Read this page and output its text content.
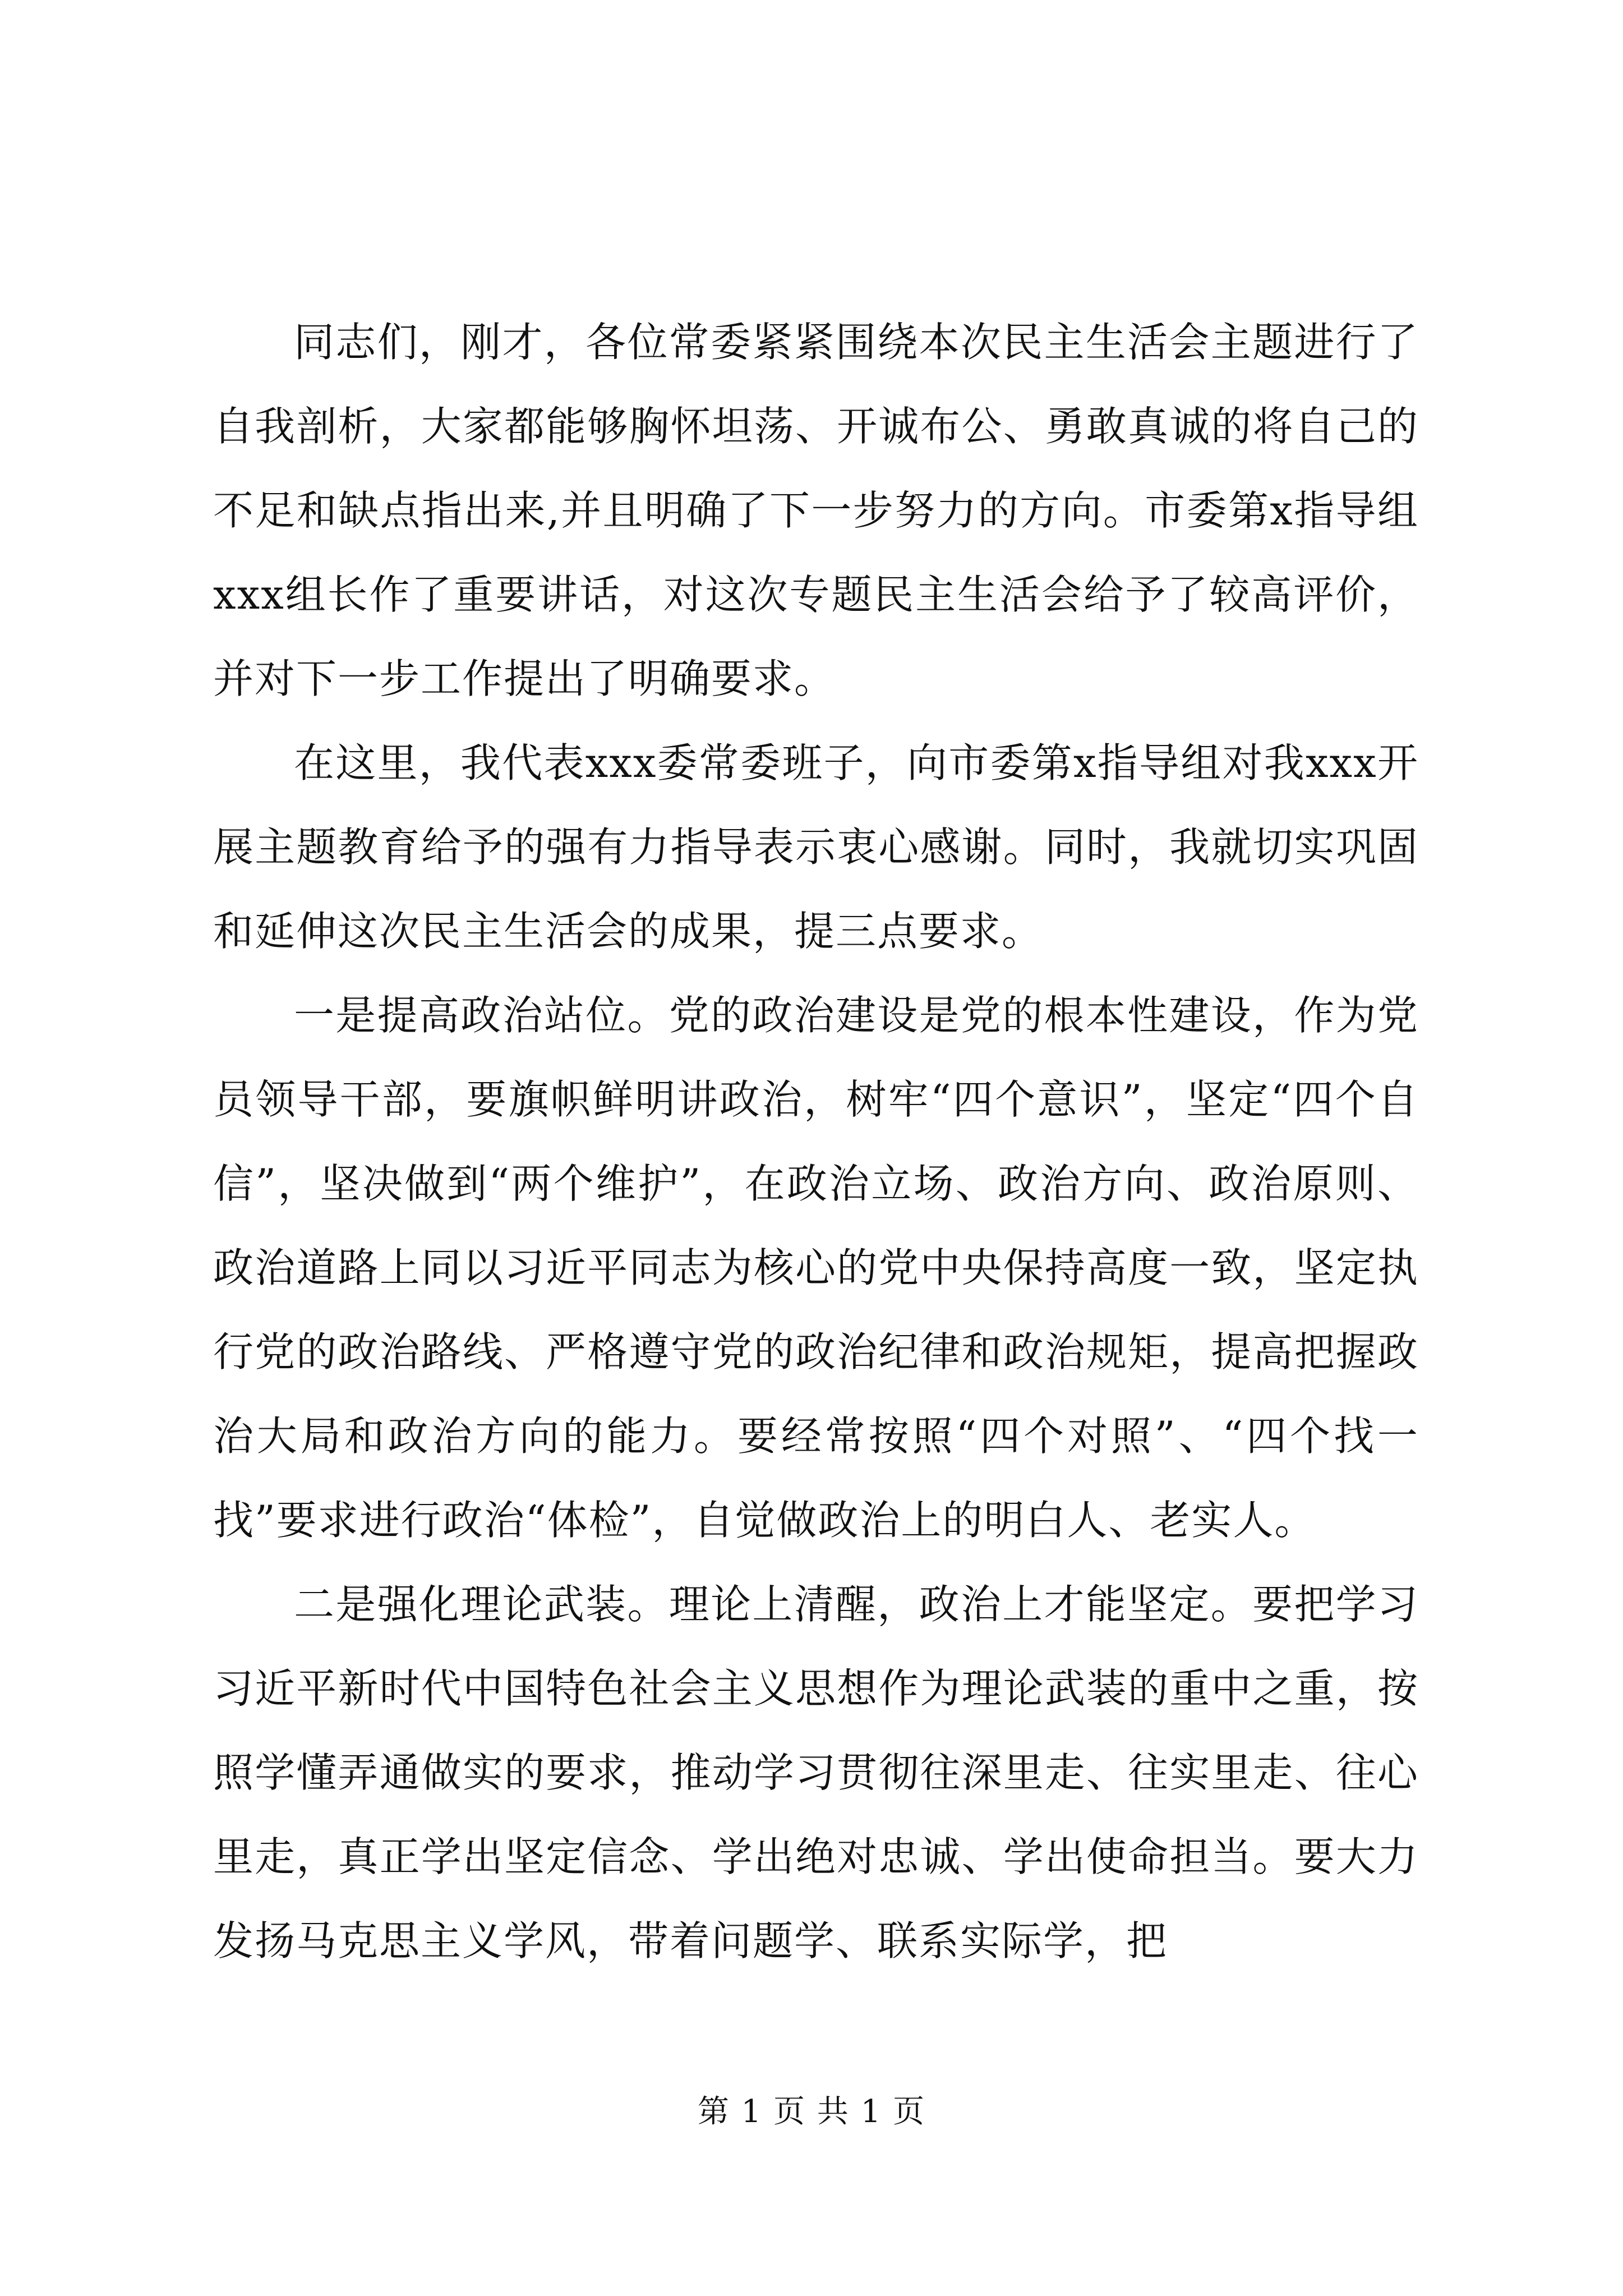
同志们，刚才，各位常委紧紧围绕本次民主生活会主题进行了自我剖析，大家都能够胸怀坦荡、开诚布公、勇敢真诚的将自己的不足和缺点指出来,并且明确了下一步努力的方向。市委第x指导组xxx组长作了重要讲话，对这次专题民主生活会给予了较高评价，并对下一步工作提出了明确要求。

在这里，我代表xxx委常委班子，向市委第x指导组对我xxx开展主题教育给予的强有力指导表示衷心感谢。同时，我就切实巩固和延伸这次民主生活会的成果，提三点要求。

一是提高政治站位。党的政治建设是党的根本性建设，作为党员领导干部，要旗帜鲜明讲政治，树牢“四个意识”，坚定“四个自信”，坚决做到“两个维护”，在政治立场、政治方向、政治原则、政治道路上同以习近平同志为核心的党中央保持高度一致，坚定执行党的政治路线、严格遵守党的政治纪律和政治规矩，提高把握政治大局和政治方向的能力。要经常按照“四个对照”、“四个找一找”要求进行政治“体检”，自觉做政治上的明白人、老实人。

二是强化理论武装。理论上清醒，政治上才能坚定。要把学习习近平新时代中国特色社会主义思想作为理论武装的重中之重，按照学懂弄通做实的要求，推动学习贯彻往深里走、往实里走、往心里走，真正学出坚定信念、学出绝对忠诚、学出使命担当。要大力发扬马克思主义学风，带着问题学、联系实际学，把

第 1 页 共 1 页
